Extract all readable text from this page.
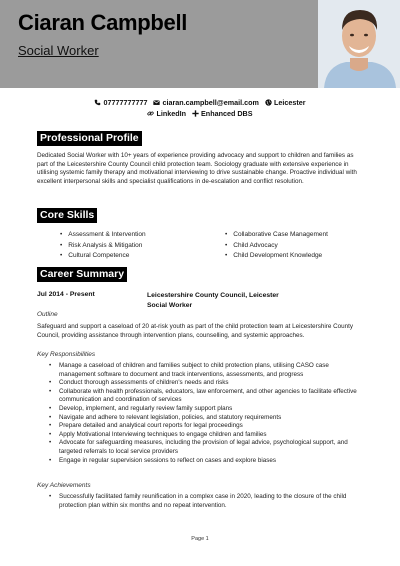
Ciaran Campbell
Social Worker
07777777777 ciaran.campbell@email.com Leicester
LinkedIn Enhanced DBS
Professional Profile

Dedicated Social Worker with 10+ years of experience providing advocacy and support to children and families as part of the Leicestershire County Council child protection team. Sociology graduate with extensive experience in utilising systemic family therapy and motivational interviewing to drive sustainable change. Proactive individual with excellent interpersonal skills and specialist qualifications in de-escalation and conflict resolution.

Core Skills
• Assessment & Intervention	• Collaborative Case Management
• Risk Analysis & Mitigation	• Child Advocacy
• Cultural Competence	• Child Development Knowledge
Career Summary
Jul 2014 - Present	Leicestershire County Council, Leicester
Social Worker
Outline

Safeguard and support a caseload of 20 at-risk youth as part of the child protection team at Leicestershire County Council, providing assistance through intervention plans, counselling, and systemic approaches.

Key Responsibilities
• Manage a caseload of children and families subject to child protection plans, utilising CASO case management software to document and track interventions, assessments, and progress
• Conduct thorough assessments of children's needs and risks
• Collaborate with health professionals, educators, law enforcement, and other agencies to facilitate effective communication and coordination of services
• Develop, implement, and regularly review family support plans
• Navigate and adhere to relevant legislation, policies, and statutory requirements
• Prepare detailed and analytical court reports for legal proceedings
• Apply Motivational Interviewing techniques to engage children and families
• Advocate for safeguarding measures, including the provision of legal advice, psychological support, and targeted referrals to local service providers
• Engage in regular supervision sessions to reflect on cases and explore biases
Key Achievements
• Successfully facilitated family reunification in a complex case in 2020, leading to the closure of the child protection plan within six months and no repeat intervention.
Page 1
